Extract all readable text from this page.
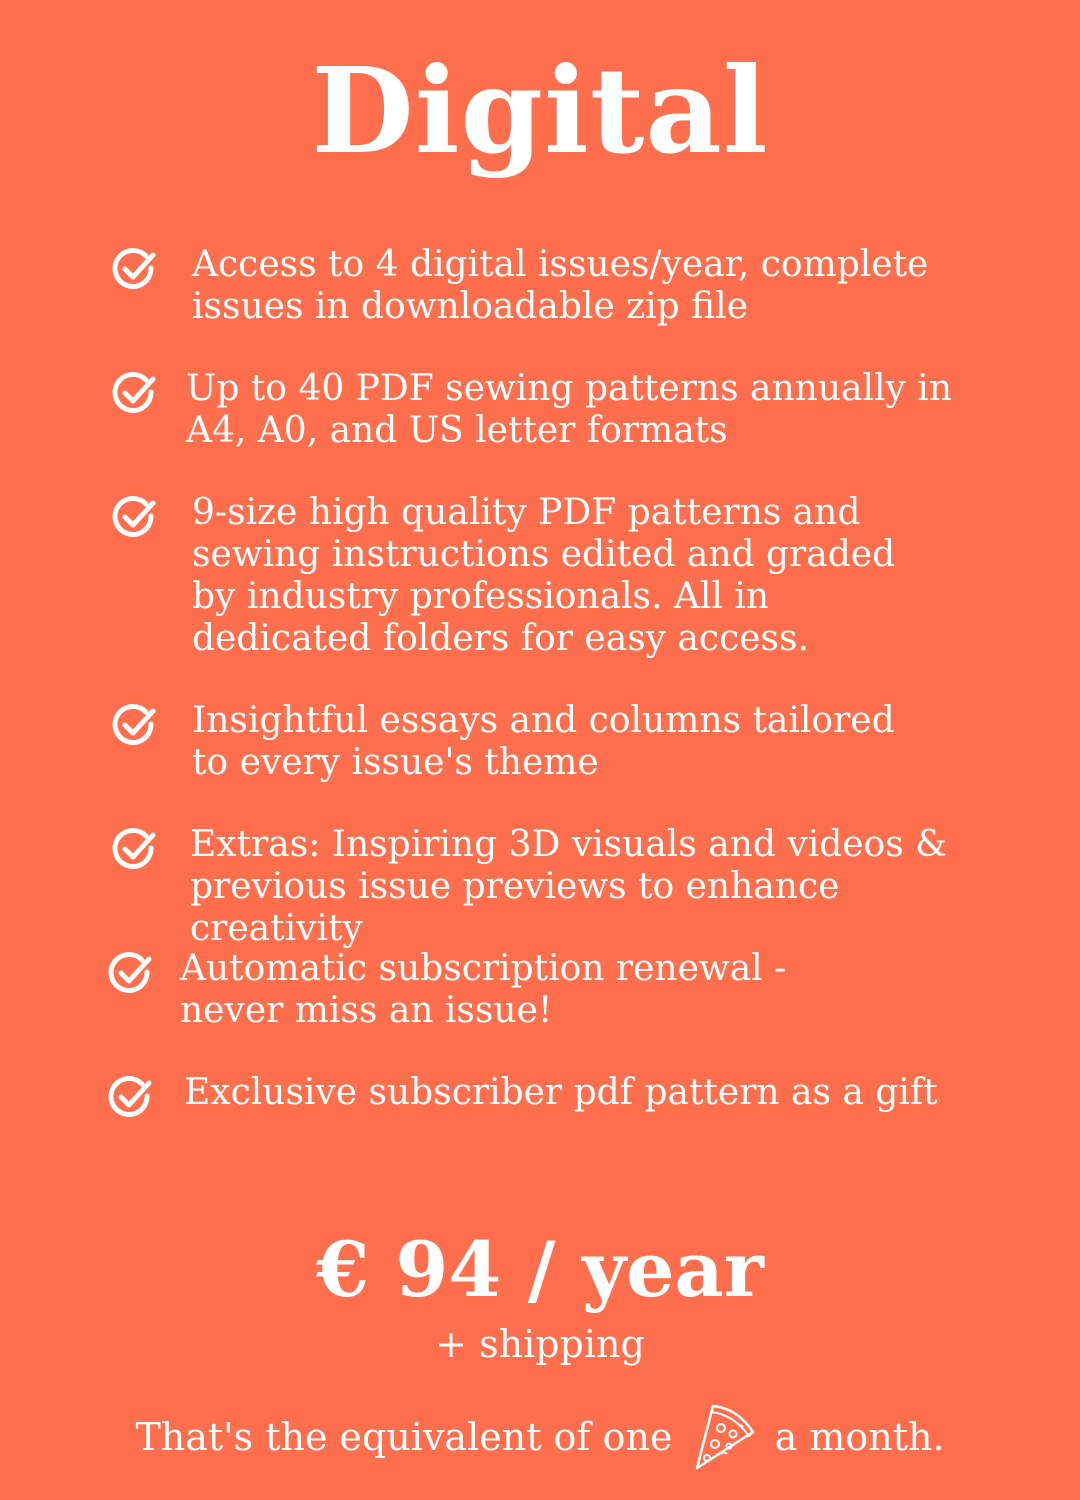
Digital
Access to 4 digital issues/year, complete issues in downloadable zip file
Up to 40 PDF sewing patterns annually in A4, A0, and US letter formats
9-size high quality PDF patterns and sewing instructions edited and graded by industry professionals. All in dedicated folders for easy access.
Insightful essays and columns tailored to every issue's theme
Extras: Inspiring 3D visuals and videos & previous issue previews to enhance creativity
Automatic subscription renewal - never miss an issue!
Exclusive subscriber pdf pattern as a gift
€ 94 / year
+ shipping
That's the equivalent of one	a month.
